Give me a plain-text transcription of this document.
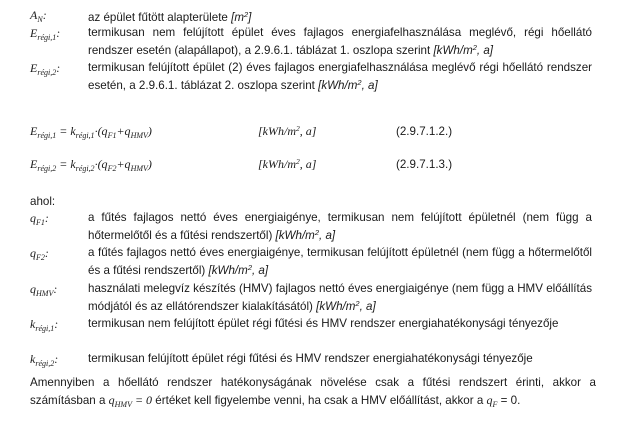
$A_N$:	az épület fűtött alapterülete $[m^2]$
$E_{régi,1}$: termikusan nem felújított épület éves fajlagos energiafelhasználása meglévő, régi hőellátó rendszer esetén (alapállapot), a 2.9.6.1. táblázat 1. oszlopa szerint [$kWh/m^2$, a]
$E_{régi,2}$: termikusan felújított épület (2) éves fajlagos energiafelhasználása meglévő régi hőellátó rendszer esetén, a 2.9.6.1. táblázat 2. oszlopa szerint [$kWh/m^2$, a]
$E_{régi,1} = k_{régi,1}\cdot(q_{F1}+q_{HMV})$	[$kWh/m^2$, a]	(2.9.7.1.2.)
$E_{régi,2} = k_{régi,2}\cdot(q_{F2}+q_{HMV})$	[$kWh/m^2$, a]	(2.9.7.1.3.)
ahol:
$q_{F1}$:	a fűtés fajlagos nettó éves energiaigénye, termikusan nem felújított épületnél (nem függ a hőtermelőtől és a fűtési rendszertől) [$kWh/m^2$, a]
$q_{F2}$:	a fűtés fajlagos nettó éves energiaigénye, termikusan felújított épületnél (nem függ a hőtermelőtől és a fűtési rendszertől) [$kWh/m^2$, a]
$q_{HMV}$:	használati melegvíz készítés (HMV) fajlagos nettó éves energiaigénye (nem függ a HMV előállítás módjától és az ellátórendszer kialakításától) [$kWh/m^2$, a]
$k_{régi,1}$:	termikusan nem felújított épület régi fűtési és HMV rendszer energiahatékonysági tényezője
$k_{régi,2}$:	termikusan felújított épület régi fűtési és HMV rendszer energiahatékonysági tényezője
Amennyiben a hőellátó rendszer hatékonyságának növelése csak a fűtési rendszert érinti, akkor a számításban a $q_{HMV} = 0$ értéket kell figyelembe venni, ha csak a HMV előállítást, akkor a $q_F = 0$.
